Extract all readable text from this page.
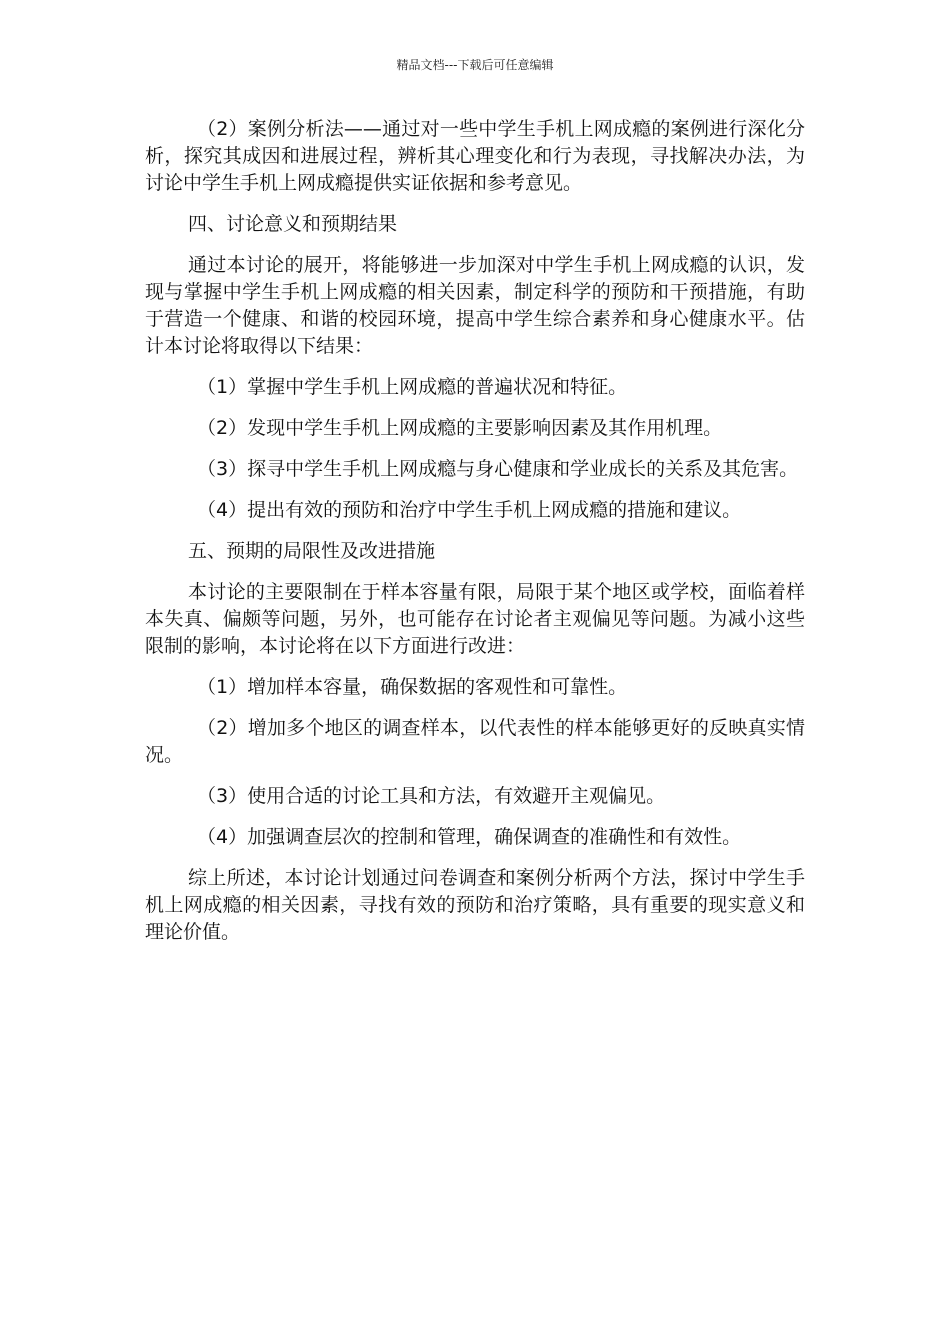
精品文档---下载后可任意编辑

（2）案例分析法——通过对一些中学生手机上网成瘾的案例进行深化分析，探究其成因和进展过程，辨析其心理变化和行为表现，寻找解决办法，为讨论中学生手机上网成瘾提供实证依据和参考意见。

四、讨论意义和预期结果

通过本讨论的展开，将能够进一步加深对中学生手机上网成瘾的认识，发现与掌握中学生手机上网成瘾的相关因素，制定科学的预防和干预措施，有助于营造一个健康、和谐的校园环境，提高中学生综合素养和身心健康水平。估计本讨论将取得以下结果：

（1）掌握中学生手机上网成瘾的普遍状况和特征。

（2）发现中学生手机上网成瘾的主要影响因素及其作用机理。

（3）探寻中学生手机上网成瘾与身心健康和学业成长的关系及其危害。

（4）提出有效的预防和治疗中学生手机上网成瘾的措施和建议。

五、预期的局限性及改进措施

本讨论的主要限制在于样本容量有限，局限于某个地区或学校，面临着样本失真、偏颇等问题，另外，也可能存在讨论者主观偏见等问题。为减小这些限制的影响，本讨论将在以下方面进行改进：

（1）增加样本容量，确保数据的客观性和可靠性。

（2）增加多个地区的调查样本，以代表性的样本能够更好的反映真实情况。

（3）使用合适的讨论工具和方法，有效避开主观偏见。

（4）加强调查层次的控制和管理，确保调查的准确性和有效性。

综上所述，本讨论计划通过问卷调查和案例分析两个方法，探讨中学生手机上网成瘾的相关因素，寻找有效的预防和治疗策略，具有重要的现实意义和理论价值。
